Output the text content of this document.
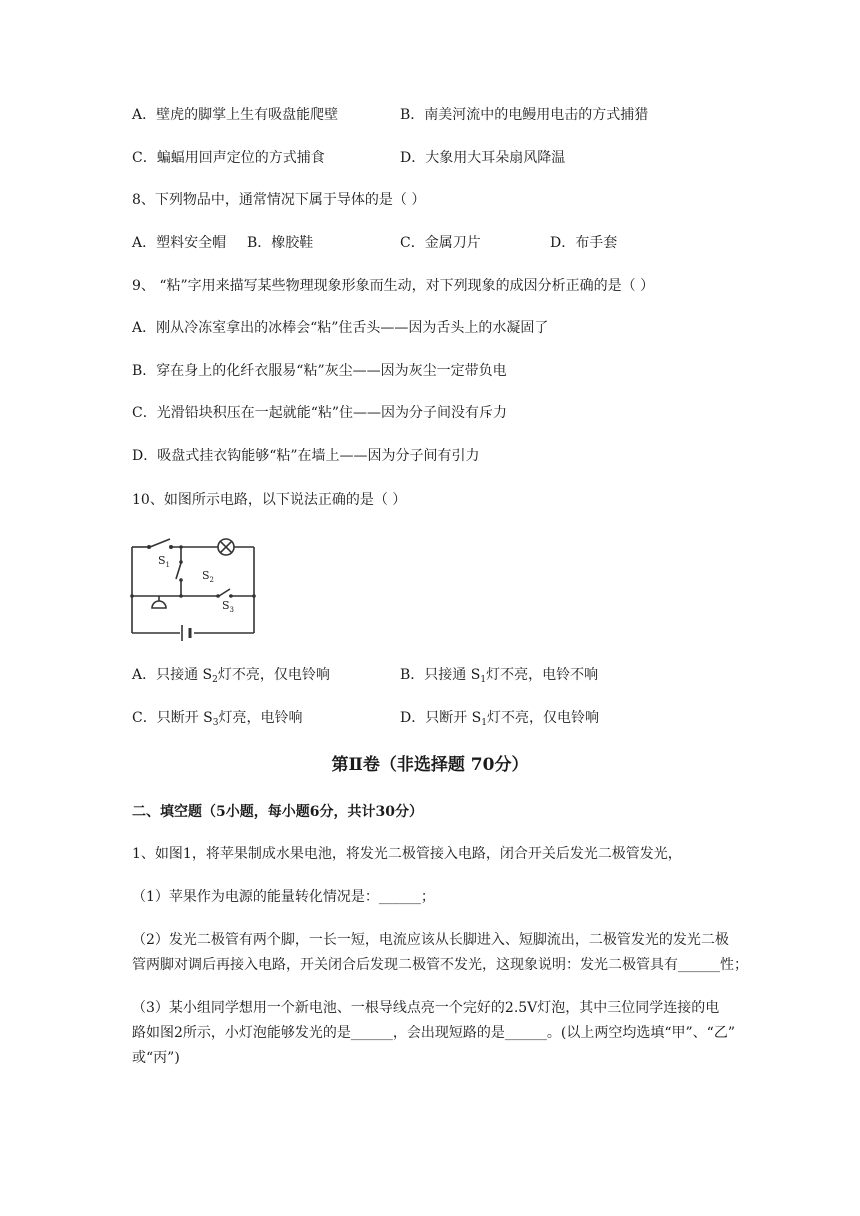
A．壁虎的脚掌上生有吸盘能爬壁	B．南美河流中的电鳗用电击的方式捕猎
C．蝙蝠用回声定位的方式捕食	D．大象用大耳朵扇风降温
8、下列物品中，通常情况下属于导体的是（ ）
A．塑料安全帽 B．橡胶鞋	C．金属刀片	D．布手套
9、 “粘”字用来描写某些物理现象形象而生动，对下列现象的成因分析正确的是（ ）
A．刚从冷冻室拿出的冰棒会“粘”住舌头——因为舌头上的水凝固了
B．穿在身上的化纤衣服易“粘”灰尘——因为灰尘一定带负电
C．光滑铅块积压在一起就能“粘”住——因为分子间没有斥力
D．吸盘式挂衣钩能够“粘”在墙上——因为分子间有引力
10、如图所示电路，以下说法正确的是（ ）
$S_1$
$S_2$
$S_3$
A．只接通 $S_2$灯不亮，仅电铃响	B．只接通 $S_1$灯不亮，电铃不响
C．只断开 $S_3$灯亮，电铃响	D．只断开 $S_1$灯不亮，仅电铃响
第Ⅱ卷（非选择题 70分）
二、填空题（5小题，每小题6分，共计30分）
1、如图1，将苹果制成水果电池，将发光二极管接入电路，闭合开关后发光二极管发光，
（1）苹果作为电源的能量转化情况是：______；
（2）发光二极管有两个脚，一长一短，电流应该从长脚进入、短脚流出，二极管发光的发光二极
管两脚对调后再接入电路，开关闭合后发现二极管不发光，这现象说明：发光二极管具有______性；
（3）某小组同学想用一个新电池、一根导线点亮一个完好的2.5V灯泡，其中三位同学连接的电
路如图2所示，小灯泡能够发光的是______，会出现短路的是______。(以上两空均选填“甲”、“乙”
或“丙”)
